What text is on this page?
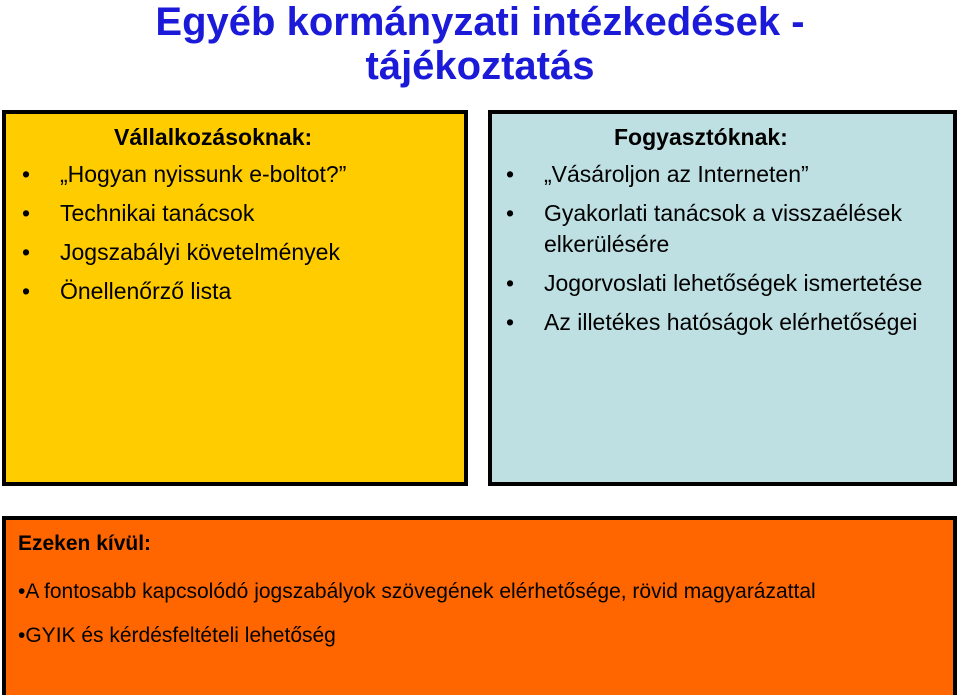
Egyéb kormányzati intézkedések -
tájékoztatás

Vállalkozásoknak:

• „Hogyan nyissunk e-boltot?”
• Technikai tanácsok
• Jogszabályi követelmények
• Önellenőrző lista

Fogyasztóknak:

• „Vásároljon az Interneten”
• Gyakorlati tanácsok a visszaélések elkerülésére
• Jogorvoslati lehetőségek ismertetése
• Az illetékes hatóságok elérhetőségei

Ezeken kívül:

•A fontosabb kapcsolódó jogszabályok szövegének elérhetősége, rövid magyarázattal
•GYIK és kérdésfeltételi lehetőség
